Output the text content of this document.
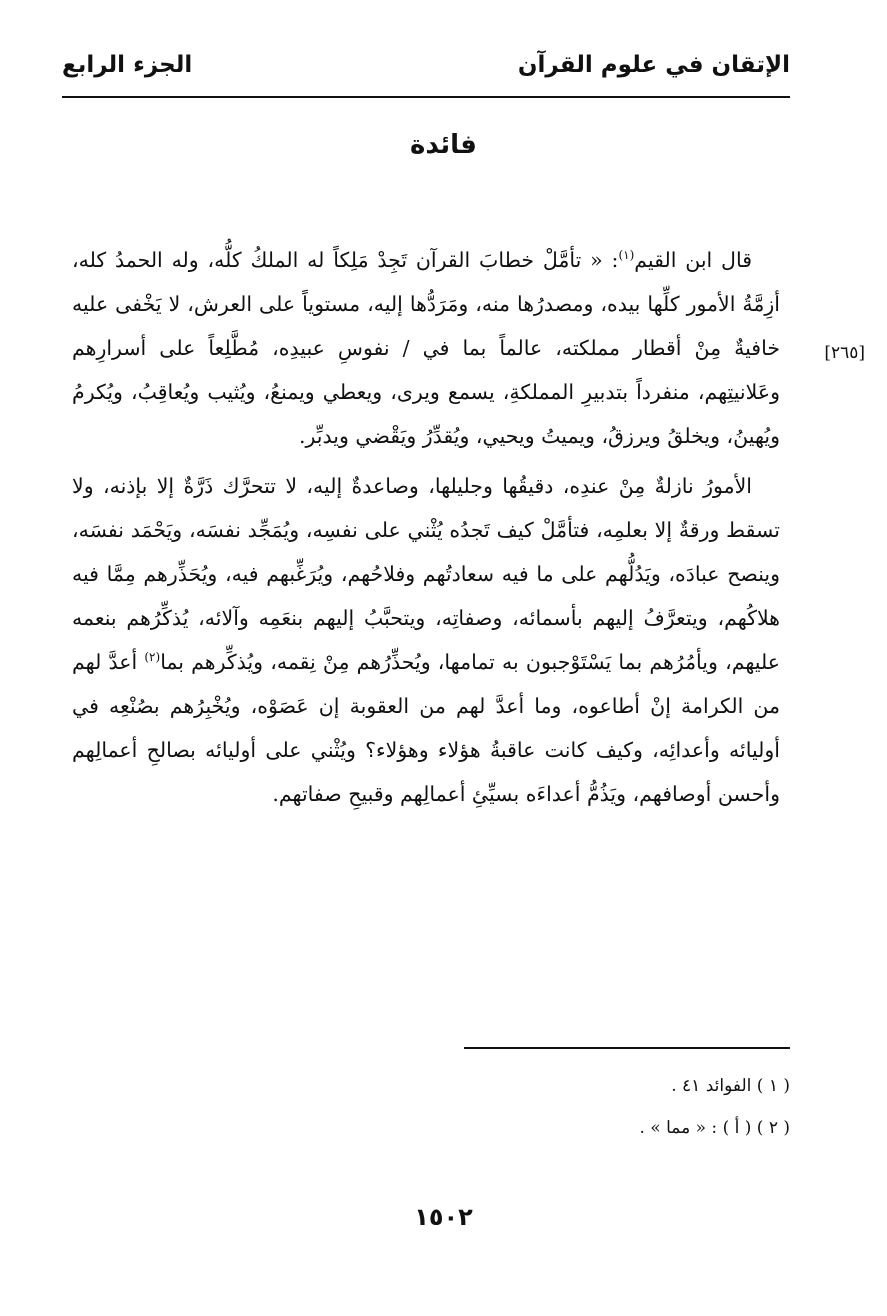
الإتقان في علوم القرآن
الجزء الرابع
فائدة
[٢٦٥]

قال ابن القيم$^{(١)}$: « تأمَّلْ خطابَ القرآن تَجِدْ مَلِكاً له الملكُ كلُّه، وله الحمدُ كله، أزِمَّةُ الأمور كلِّها بيده، ومصدرُها منه، ومَرَدُّها إليه، مستوياً على العرش، لا يَخْفى عليه خافيةٌ مِنْ أقطار مملكته، عالماً بما في / نفوسِ عبيدِه، مُطَّلِعاً على أسرارِهم وعَلانيتِهم، منفرداً بتدبيرِ المملكةِ، يسمع ويرى، ويعطي ويمنعُ، ويُثيب ويُعاقِبُ، ويُكرمُ ويُهينُ، ويخلقُ ويرزقُ، ويميتُ ويحيي، ويُقدِّرُ ويَقْضي ويدبِّر.

الأمورُ نازلةٌ مِنْ عندِه، دقيقُها وجليلها، وصاعدةٌ إليه، لا تتحرَّك ذَرَّةٌ إلا بإذنه، ولا تسقط ورقةٌ إلا بعلمِه، فتأمَّلْ كيف تَجدُه يُثْني على نفسِه، ويُمَجِّد نفسَه، ويَحْمَد نفسَه، وينصح عبادَه، ويَدُلُّهم على ما فيه سعادتُهم وفلاحُهم، ويُرَغِّبهم فيه، ويُحَذِّرهم مِمَّا فيه هلاكُهم، ويتعرَّفُ إليهم بأسمائه، وصفاتِه، ويتحبَّبُ إليهم بنعَمِه وآلائه، يُذكِّرُهم بنعمه عليهم، ويأمُرُهم بما يَسْتَوْجبون به تمامها، ويُحذِّرُهم مِنْ نِقمه، ويُذكِّرهم بما$^{(٢)}$ أعدَّ لهم من الكرامة إنْ أطاعوه، وما أعدَّ لهم من العقوبة إن عَصَوْه، ويُخْبِرُهم بصُنْعِه في أوليائه وأعدائِه، وكيف كانت عاقبةُ هؤلاء وهؤلاء؟ ويُثْني على أوليائه بصالحِ أعمالِهم وأحسن أوصافهم، ويَذُمُّ أعداءَه بسيِّئِ أعمالِهم وقبيحِ صفاتهم.

( ١ ) الفوائد ٤١ .
( ٢ ) ( أ ) : « مما » .
١٥٠٢
